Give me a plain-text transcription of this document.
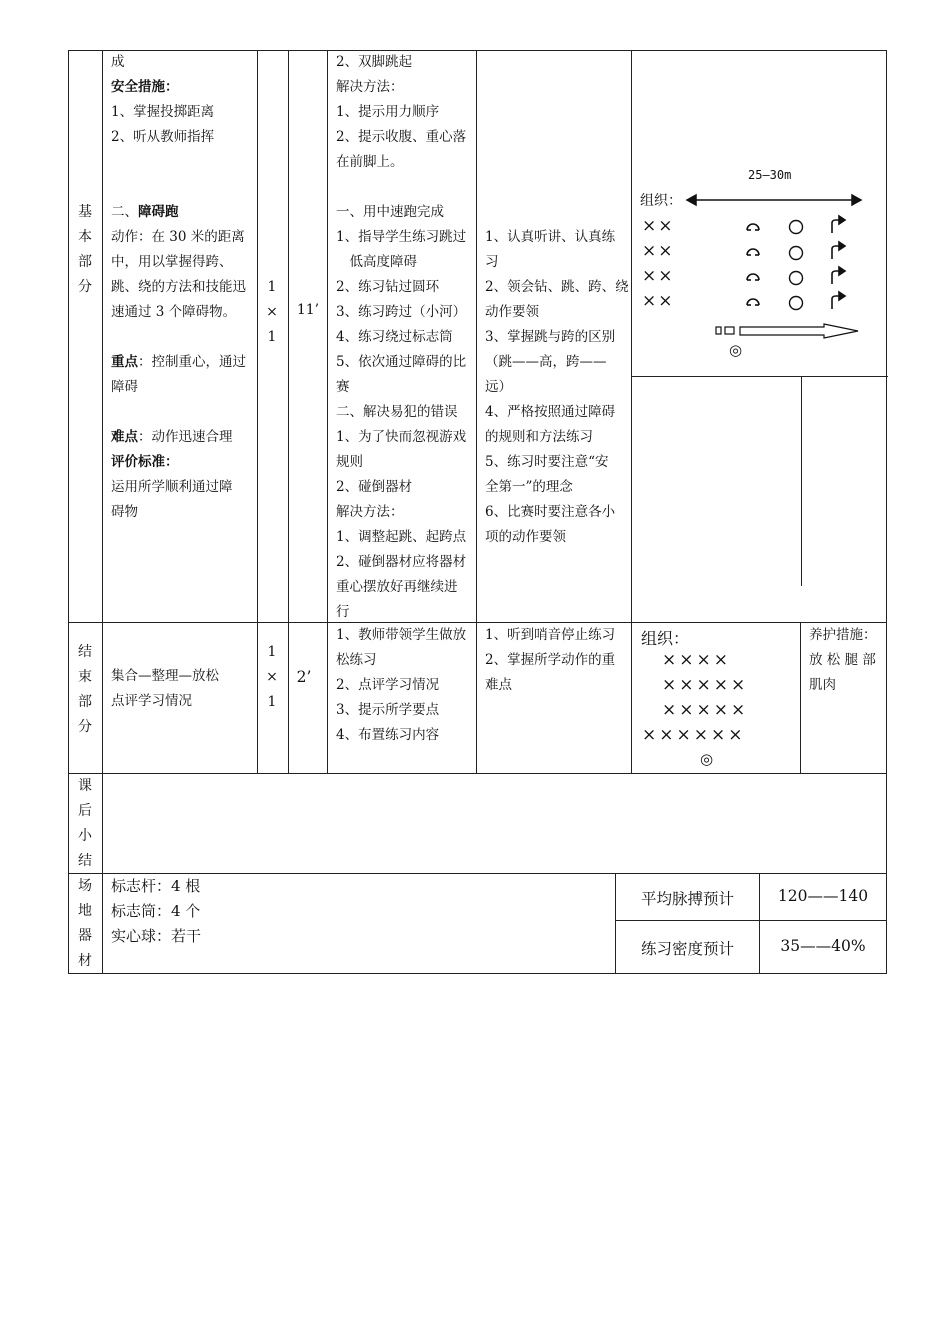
基
本
部
分
成
安全措施：
1、掌握投掷距离
2、听从教师指挥

二、障碍跑
动作：在 30 米的距离
中，用以掌握得跨、
跳、绕的方法和技能迅
速通过 3 个障碍物。

重点：控制重心，通过
障碍

难点：动作迅速合理
评价标准：
运用所学顺利通过障
碍物
1
×
1
11’
2、双脚跳起
解决方法：
1、提示用力顺序
2、提示收腹、重心落
在前脚上。

一、用中速跑完成
1、指导学生练习跳过
　低高度障碍
2、练习钻过圆环
3、练习跨过（小河）
4、练习绕过标志筒
5、依次通过障碍的比
赛
二、解决易犯的错误
1、为了快而忽视游戏
规则
2、碰倒器材
解决方法：
1、调整起跳、起跨点
2、碰倒器材应将器材
重心摆放好再继续进
行
1、认真听讲、认真练
习
2、领会钻、跳、跨、绕
动作要领
3、掌握跳与跨的区别
（跳——高，跨——
远）
4、严格按照通过障碍
的规则和方法练习
5、练习时要注意“安
全第一”的理念
6、比赛时要注意各小
项的动作要领
组织：
25—30m
××
××
××
××
◎
结
束
部
分
集合—整理—放松
点评学习情况
1
×
1
2’
1、教师带领学生做放
松练习
2、点评学习情况
3、提示所学要点
4、布置练习内容
1、听到哨音停止练习
2、掌握所学动作的重
难点
组织：
××××
×××××
×××××
××××××
◎
养护措施：
放 松 腿 部
肌肉
课
后
小
结
场
地
器
材
标志杆：4 根
标志筒：4 个
实心球：若干
平均脉搏预计	120——140
练习密度预计	35——40%
